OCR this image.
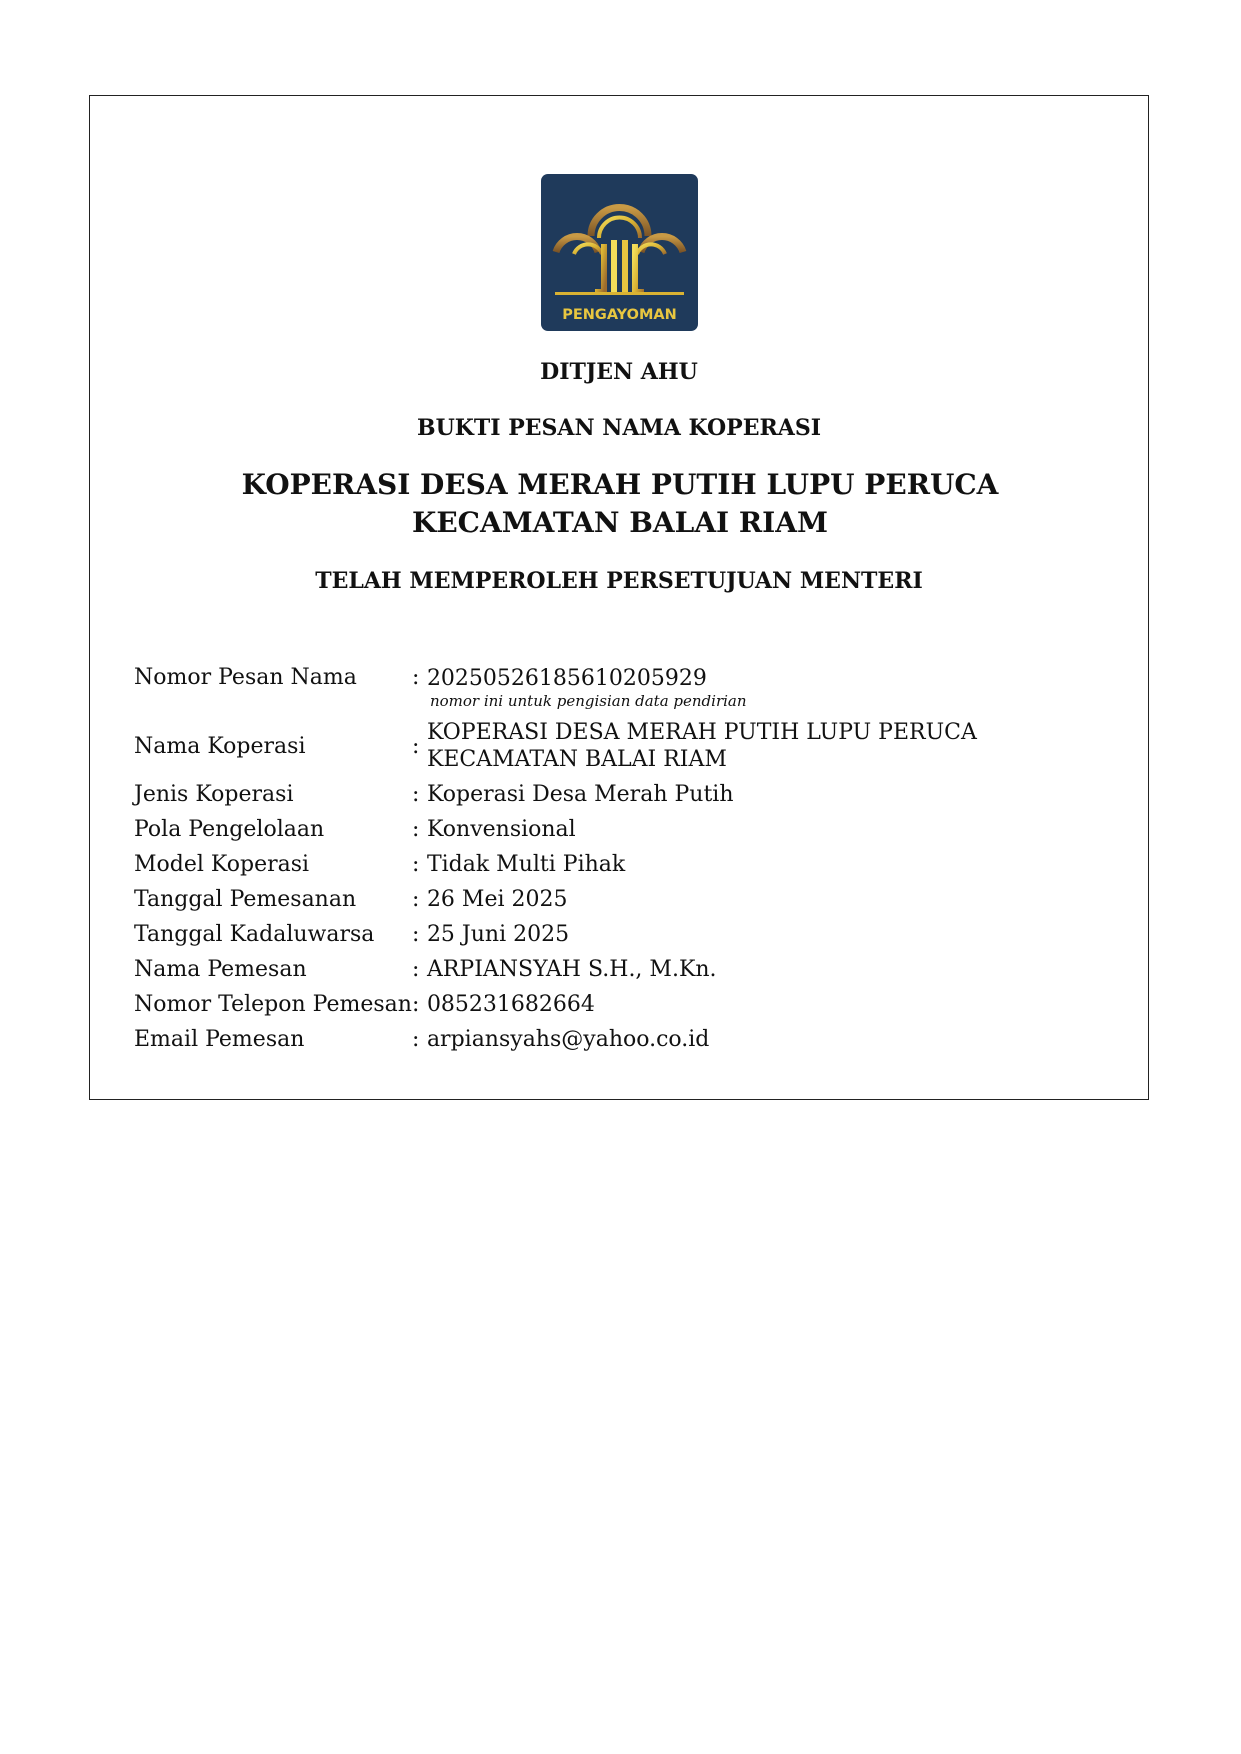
PENGAYOMAN
DITJEN AHU
BUKTI PESAN NAMA KOPERASI
KOPERASI DESA MERAH PUTIH LUPU PERUCA KECAMATAN BALAI RIAM
TELAH MEMPEROLEH PERSETUJUAN MENTERI
Nomor Pesan Nama	:	20250526185610205929
nomor ini untuk pengisian data pendirian

Nama Koperasi	:	KOPERASI DESA MERAH PUTIH LUPU PERUCA KECAMATAN BALAI RIAM
Jenis Koperasi	:	Koperasi Desa Merah Putih
Pola Pengelolaan	:	Konvensional
Model Koperasi	:	Tidak Multi Pihak
Tanggal Pemesanan	:	26 Mei 2025
Tanggal Kadaluwarsa	:	25 Juni 2025
Nama Pemesan	:	ARPIANSYAH S.H., M.Kn.
Nomor Telepon Pemesan	:	085231682664
Email Pemesan	:	arpiansyahs@yahoo.co.id
